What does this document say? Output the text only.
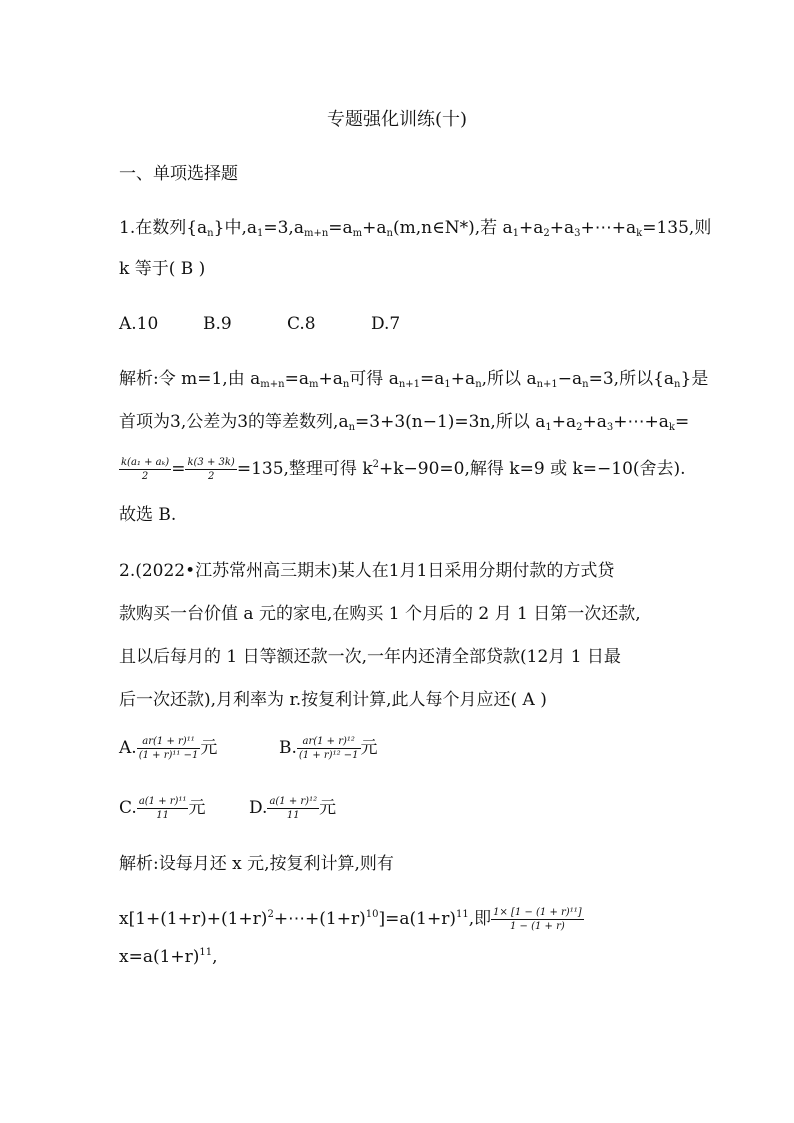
专题强化训练(十)
一、单项选择题
1.在数列$\{a_n\}$中$,a_1=3,a_{m+n}=a_m+a_n(m,n\in N*)$,若 $a_1+a_2+a_3+\cdots+a_k=135$,则
k 等于( B )
A.10	B.9	C.8	D.7
解析:令 m=1,由 $a_{m+n}=a_m+a_n$可得 $a_{n+1}=a_1+a_n$,所以 $a_{n+1}-a_n=3$,所以$\{a_n\}$是
首项为3,公差为3的等差数列$,a_n=3+3(n-1)=3n$,所以 $a_1+a_2+a_3+\cdots+a_k=$
$\frac{\text{k(a₁ + aₖ)}}{2} = \frac{k(3 + 3k)}{2} =135$,整理可得 $k^2+k-90=0$,解得 k=9 或 k=−10(舍去).
故选 B.
2.(2022•江苏常州高三期末)某人在1月1日采用分期付款的方式贷
款购买一台价值 a 元的家电,在购买 1 个月后的 2 月 1 日第一次还款,
且以后每月的 1 日等额还款一次,一年内还清全部贷款(12月 1 日最
后一次还款),月利率为 r.按复利计算,此人每个月应还( A )
A. $\frac{\text{ar(1 + r)¹¹}}{\text{(1 + r)¹¹ −1}}$ 元	B. $\frac{\text{ar(1 + r)¹²}}{\text{(1 + r)¹² −1}}$ 元
C. $\frac{\text{a(1 + r)¹¹}}{11}$ 元	D. $\frac{\text{a(1 + r)¹²}}{11}$ 元
解析:设每月还 x 元,按复利计算,则有
$x[1+(1+r)+(1+r)^2+\cdots+(1+r)^{10}]=a(1+r)^{11}$,即 $\frac{\text{1× [1 − (1 + r)¹¹]}}{1 - (1 + r)}$
$x=a(1+r)^{11}$,
